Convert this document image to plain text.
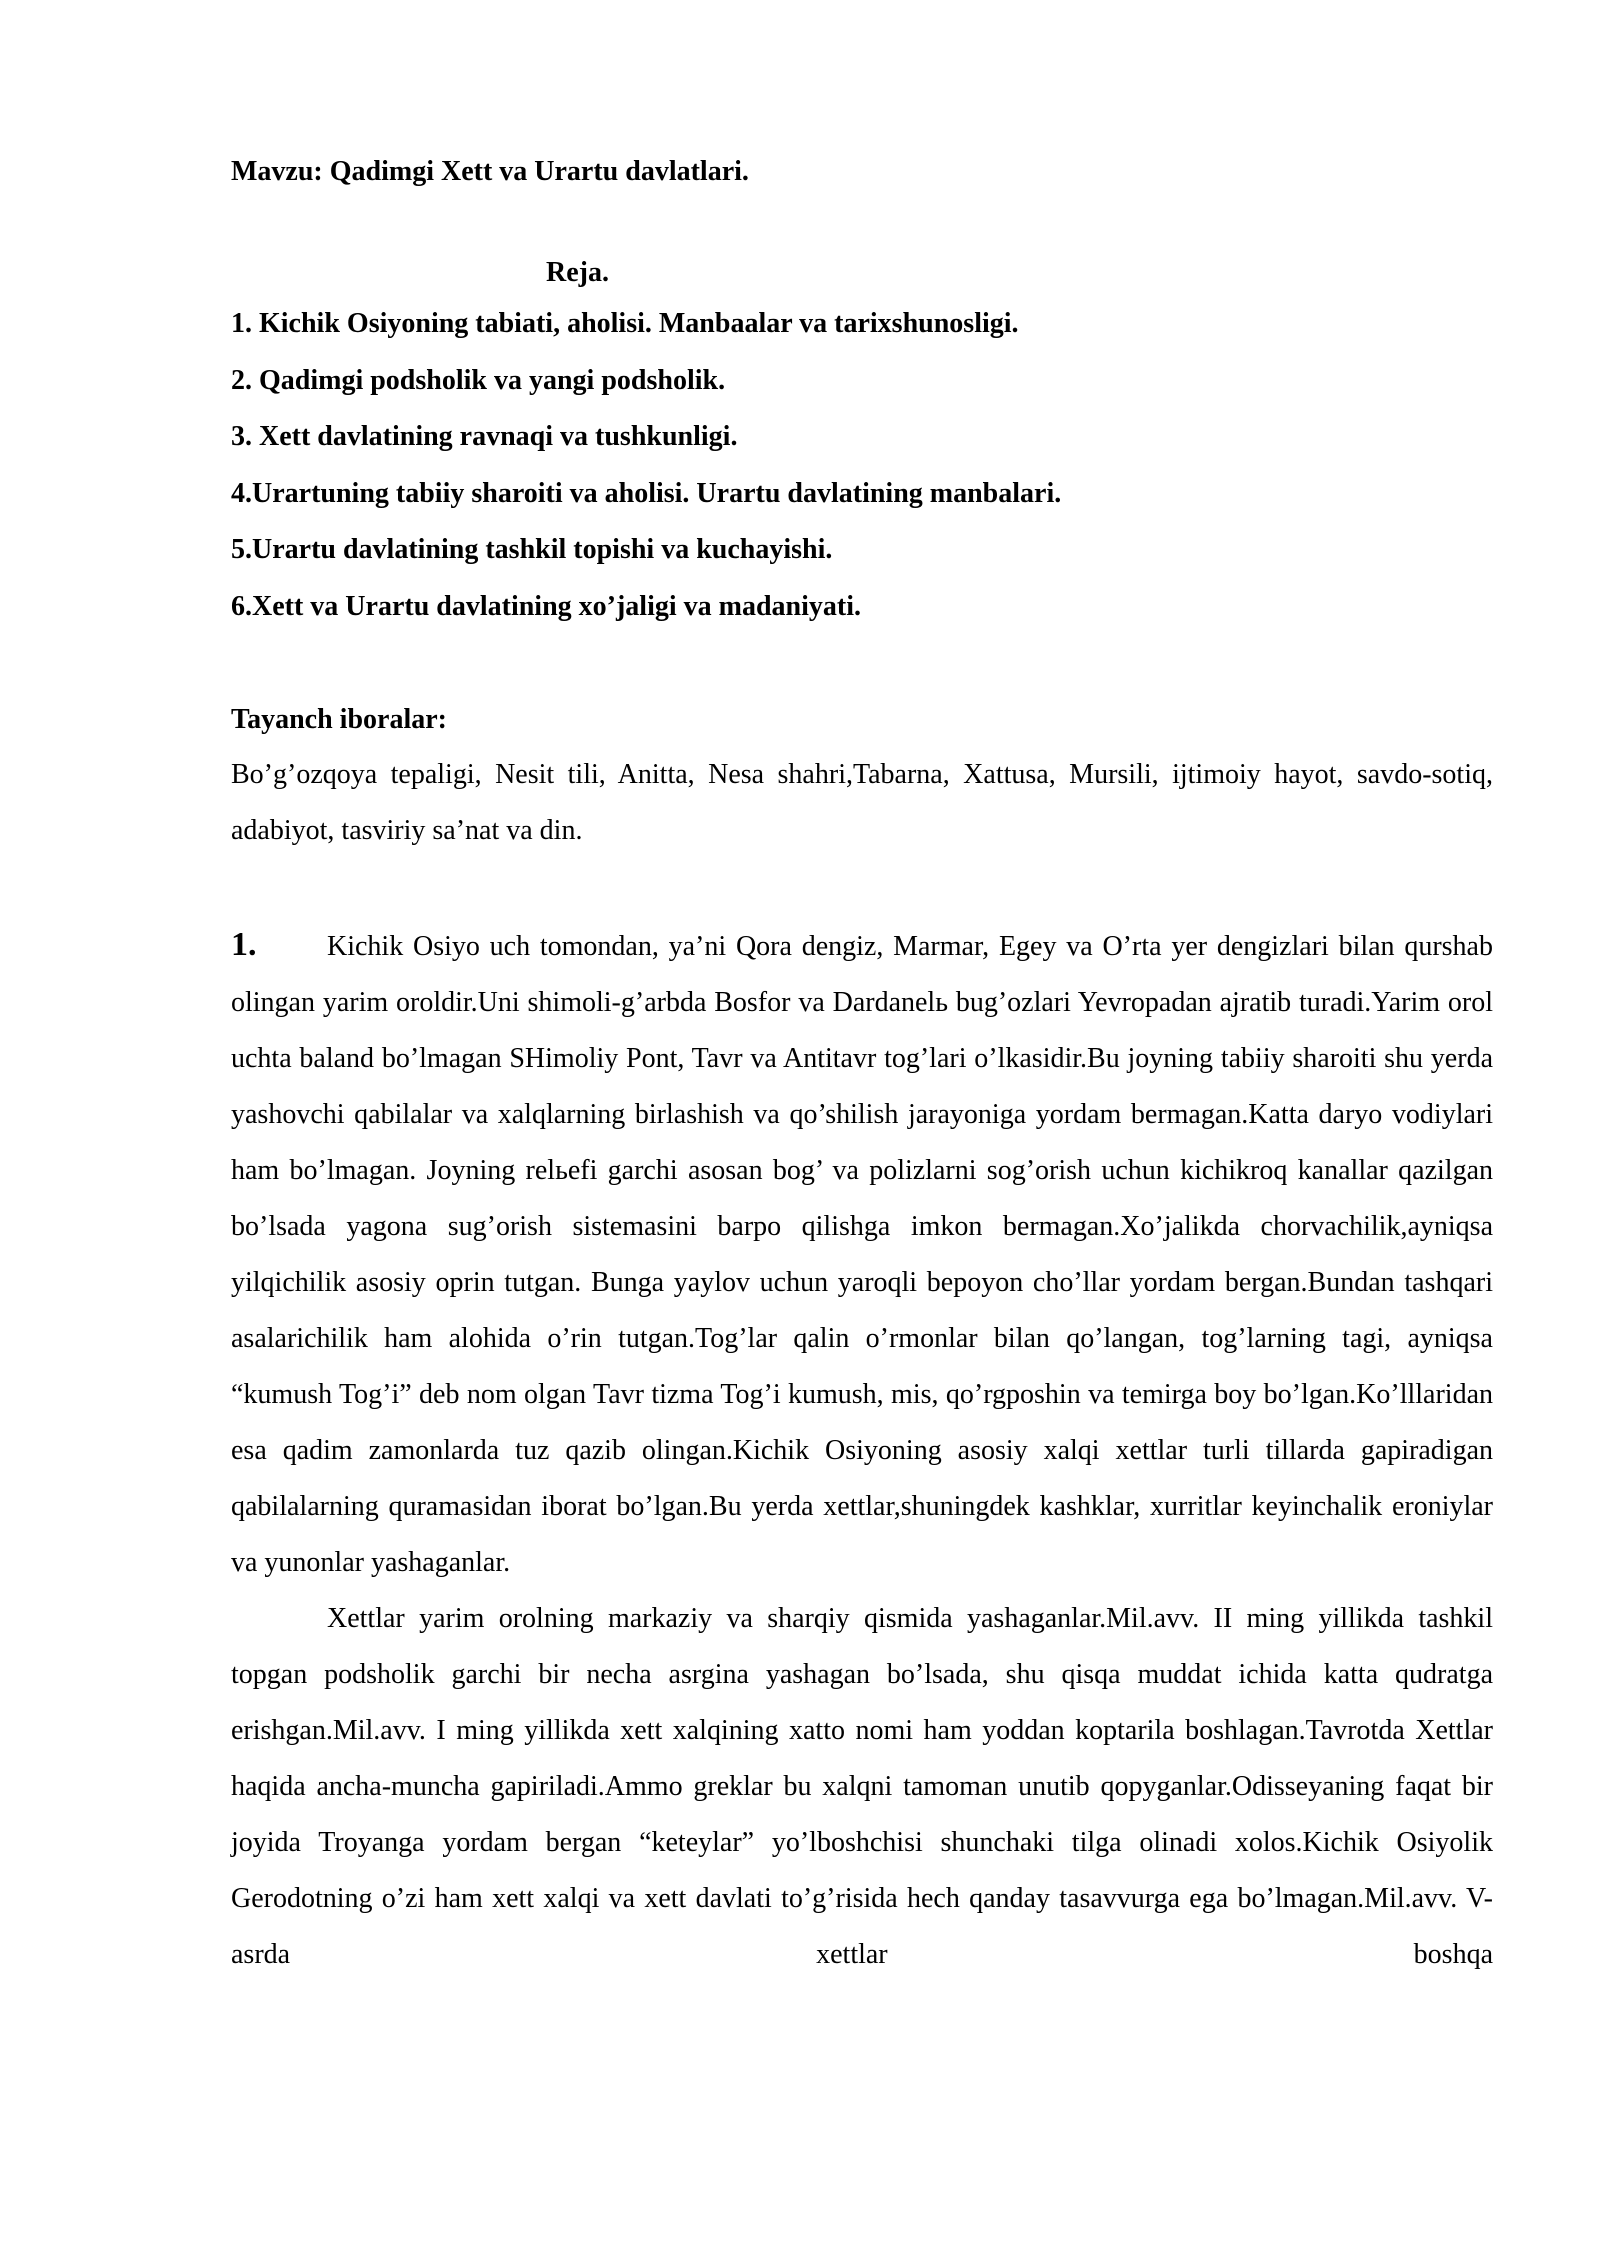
Mavzu: Qadimgi Xett va Urartu davlatlari.

Reja.

1. Kichik Osiyoning tabiati, aholisi. Manbaalar va tarixshunosligi.
2. Qadimgi podsholik va yangi podsholik.
3. Xett davlatining ravnaqi va tushkunligi.
4.Urartuning tabiiy sharoiti va aholisi. Urartu davlatining manbalari.
5.Urartu davlatining tashkil topishi va kuchayishi.
6.Xett va Urartu davlatining xo’jaligi va madaniyati.

Tayanch iboralar:

Bo’g’ozqoya tepaligi, Nesit tili, Anitta, Nesa shahri,Tabarna, Xattusa, Mursili, ijtimoiy hayot, savdo-sotiq, adabiyot, tasviriy sa’nat va din.

1.	Kichik Osiyo uch tomondan, ya’ni Qora dengiz, Marmar, Egey va O’rta yer dengizlari bilan qurshab olingan yarim oroldir.Uni shimoli-g’arbda Bosfor va Dardanelь bug’ozlari Yevropadan ajratib turadi.Yarim orol uchta baland bo’lmagan SHimoliy Pont, Tavr va Antitavr tog’lari o’lkasidir.Bu joyning tabiiy sharoiti shu yerda yashovchi qabilalar va xalqlarning birlashish va qo’shilish jarayoniga yordam bermagan.Katta daryo vodiylari ham bo’lmagan. Joyning relьefi garchi asosan bog’ va polizlarni sog’orish uchun kichikroq kanallar qazilgan bo’lsada yagona sug’orish sistemasini barpo qilishga imkon bermagan.Xo’jalikda chorvachilik,ayniqsa yilqichilik asosiy oprin tutgan. Bunga yaylov uchun yaroqli bepoyon cho’llar yordam bergan.Bundan tashqari asalarichilik ham alohida o’rin tutgan.Tog’lar qalin o’rmonlar bilan qo’langan, tog’larning tagi, ayniqsa “kumush Tog’i” deb nom olgan Tavr tizma Tog’i kumush, mis, qo’rgposhin va temirga boy bo’lgan.Ko’lllaridan esa qadim zamonlarda tuz qazib olingan.Kichik Osiyoning asosiy xalqi xettlar turli tillarda gapiradigan qabilalarning quramasidan iborat bo’lgan.Bu yerda xettlar,shuningdek kashklar, xurritlar keyinchalik eroniylar va yunonlar yashaganlar.

Xettlar yarim orolning markaziy va sharqiy qismida yashaganlar.Mil.avv. II ming yillikda tashkil topgan podsholik garchi bir necha asrgina yashagan bo’lsada, shu qisqa muddat ichida katta qudratga erishgan.Mil.avv. I ming yillikda xett xalqining xatto nomi ham yoddan koptarila boshlagan.Tavrotda Xettlar haqida ancha-muncha gapiriladi.Ammo greklar bu xalqni tamoman unutib qopyganlar.Odisseyaning faqat bir joyida Troyanga yordam bergan “keteylar” yo’lboshchisi shunchaki tilga olinadi xolos.Kichik Osiyolik Gerodotning o’zi ham xett xalqi va xett davlati to’g’risida hech qanday tasavvurga ega bo’lmagan.Mil.avv. V-asrda xettlar boshqa
